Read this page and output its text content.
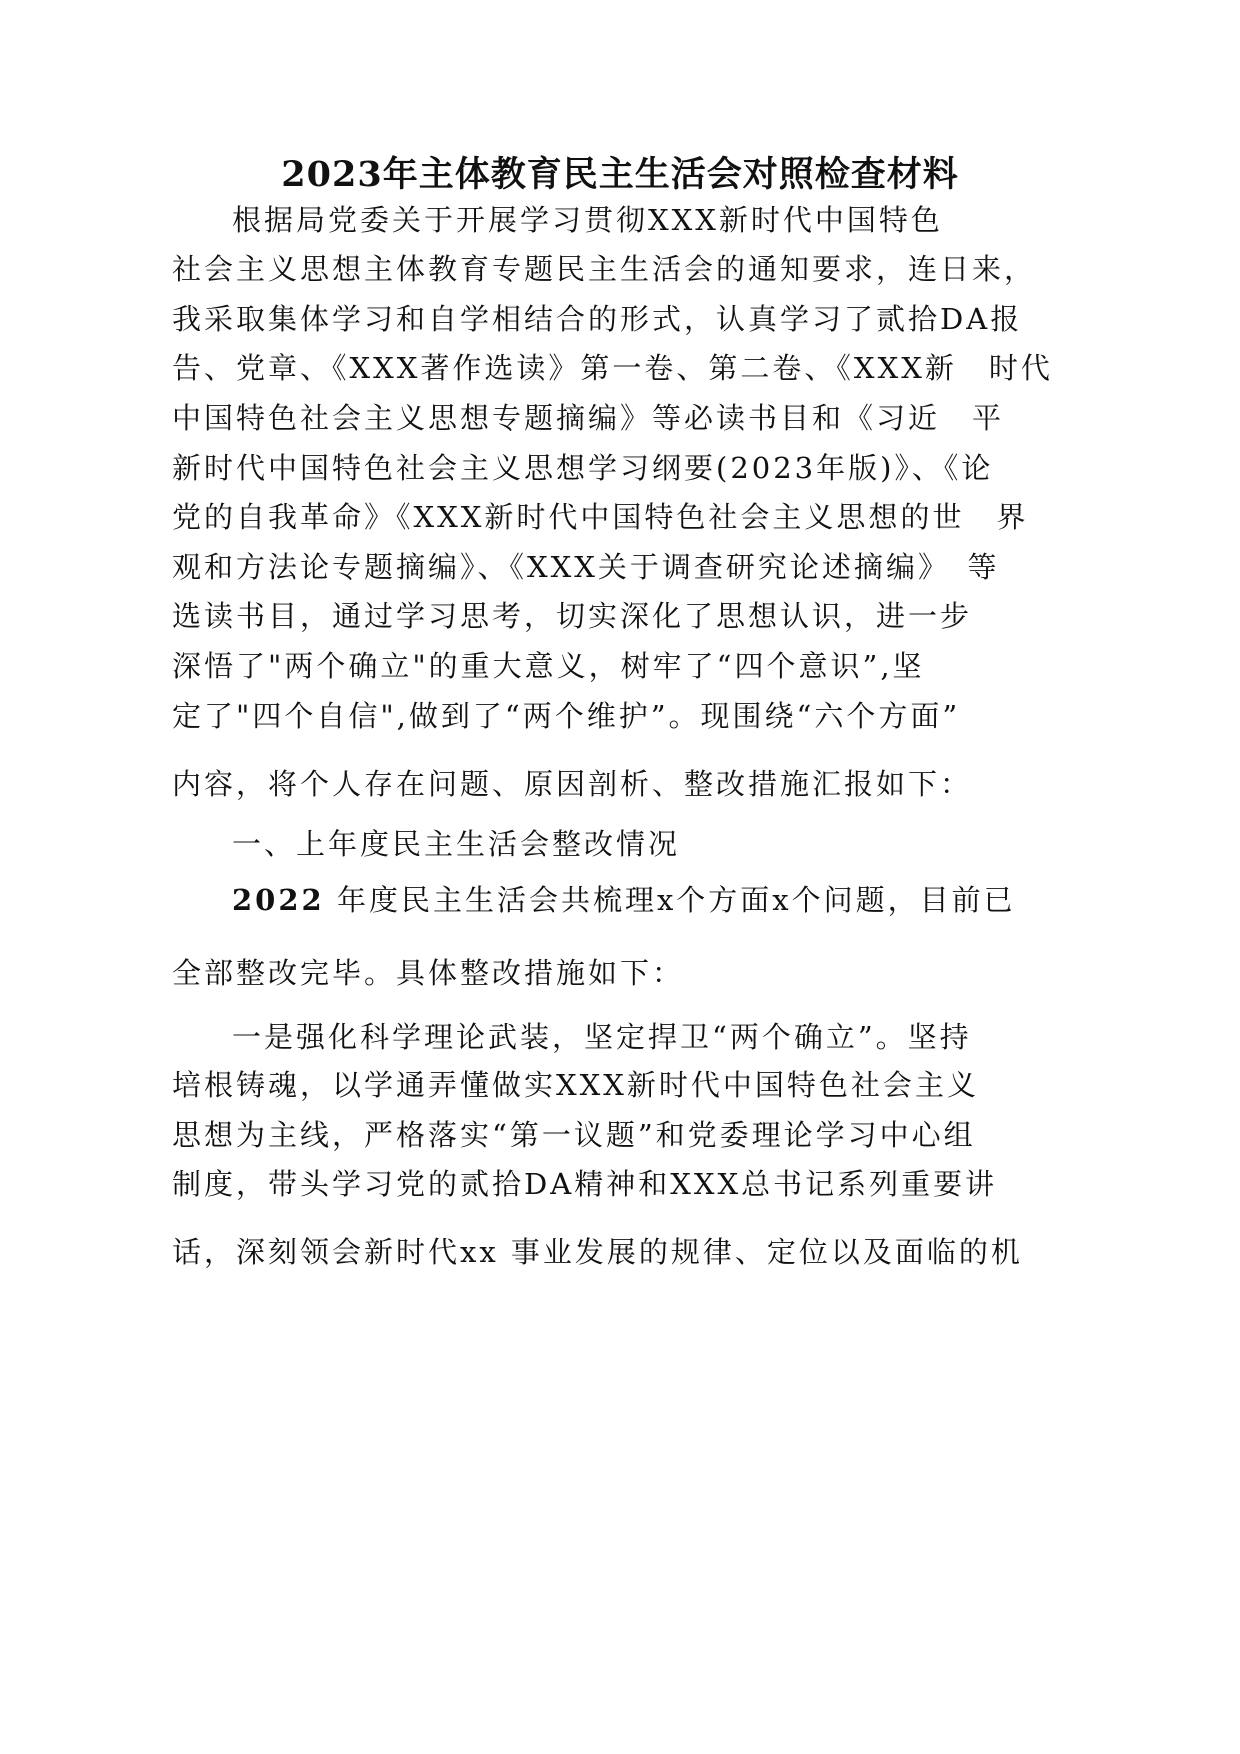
2023年主体教育民主生活会对照检查材料
根据局党委关于开展学习贯彻XXX新时代中国特色
社会主义思想主体教育专题民主生活会的通知要求，连日来，
我采取集体学习和自学相结合的形式，认真学习了贰拾DA报
告、党章、《XXX著作选读》第一卷、第二卷、《XXX新　时代
中国特色社会主义思想专题摘编》等必读书目和《习近　平
新时代中国特色社会主义思想学习纲要(2023年版)》、《论
党的自我革命》《XXX新时代中国特色社会主义思想的世　界
观和方法论专题摘编》、《XXX关于调查研究论述摘编》　等
选读书目，通过学习思考，切实深化了思想认识，进一步
深悟了"两个确立"的重大意义，树牢了“四个意识”,坚
定了"四个自信",做到了“两个维护”。现围绕“六个方面”
内容，将个人存在问题、原因剖析、整改措施汇报如下：
一、上年度民主生活会整改情况
2022 年度民主生活会共梳理x个方面x个问题，目前已
全部整改完毕。具体整改措施如下：
一是强化科学理论武装，坚定捍卫“两个确立”。坚持
培根铸魂，以学通弄懂做实XXX新时代中国特色社会主义
思想为主线，严格落实“第一议题”和党委理论学习中心组
制度，带头学习党的贰拾DA精神和XXX总书记系列重要讲
话，深刻领会新时代xx 事业发展的规律、定位以及面临的机
